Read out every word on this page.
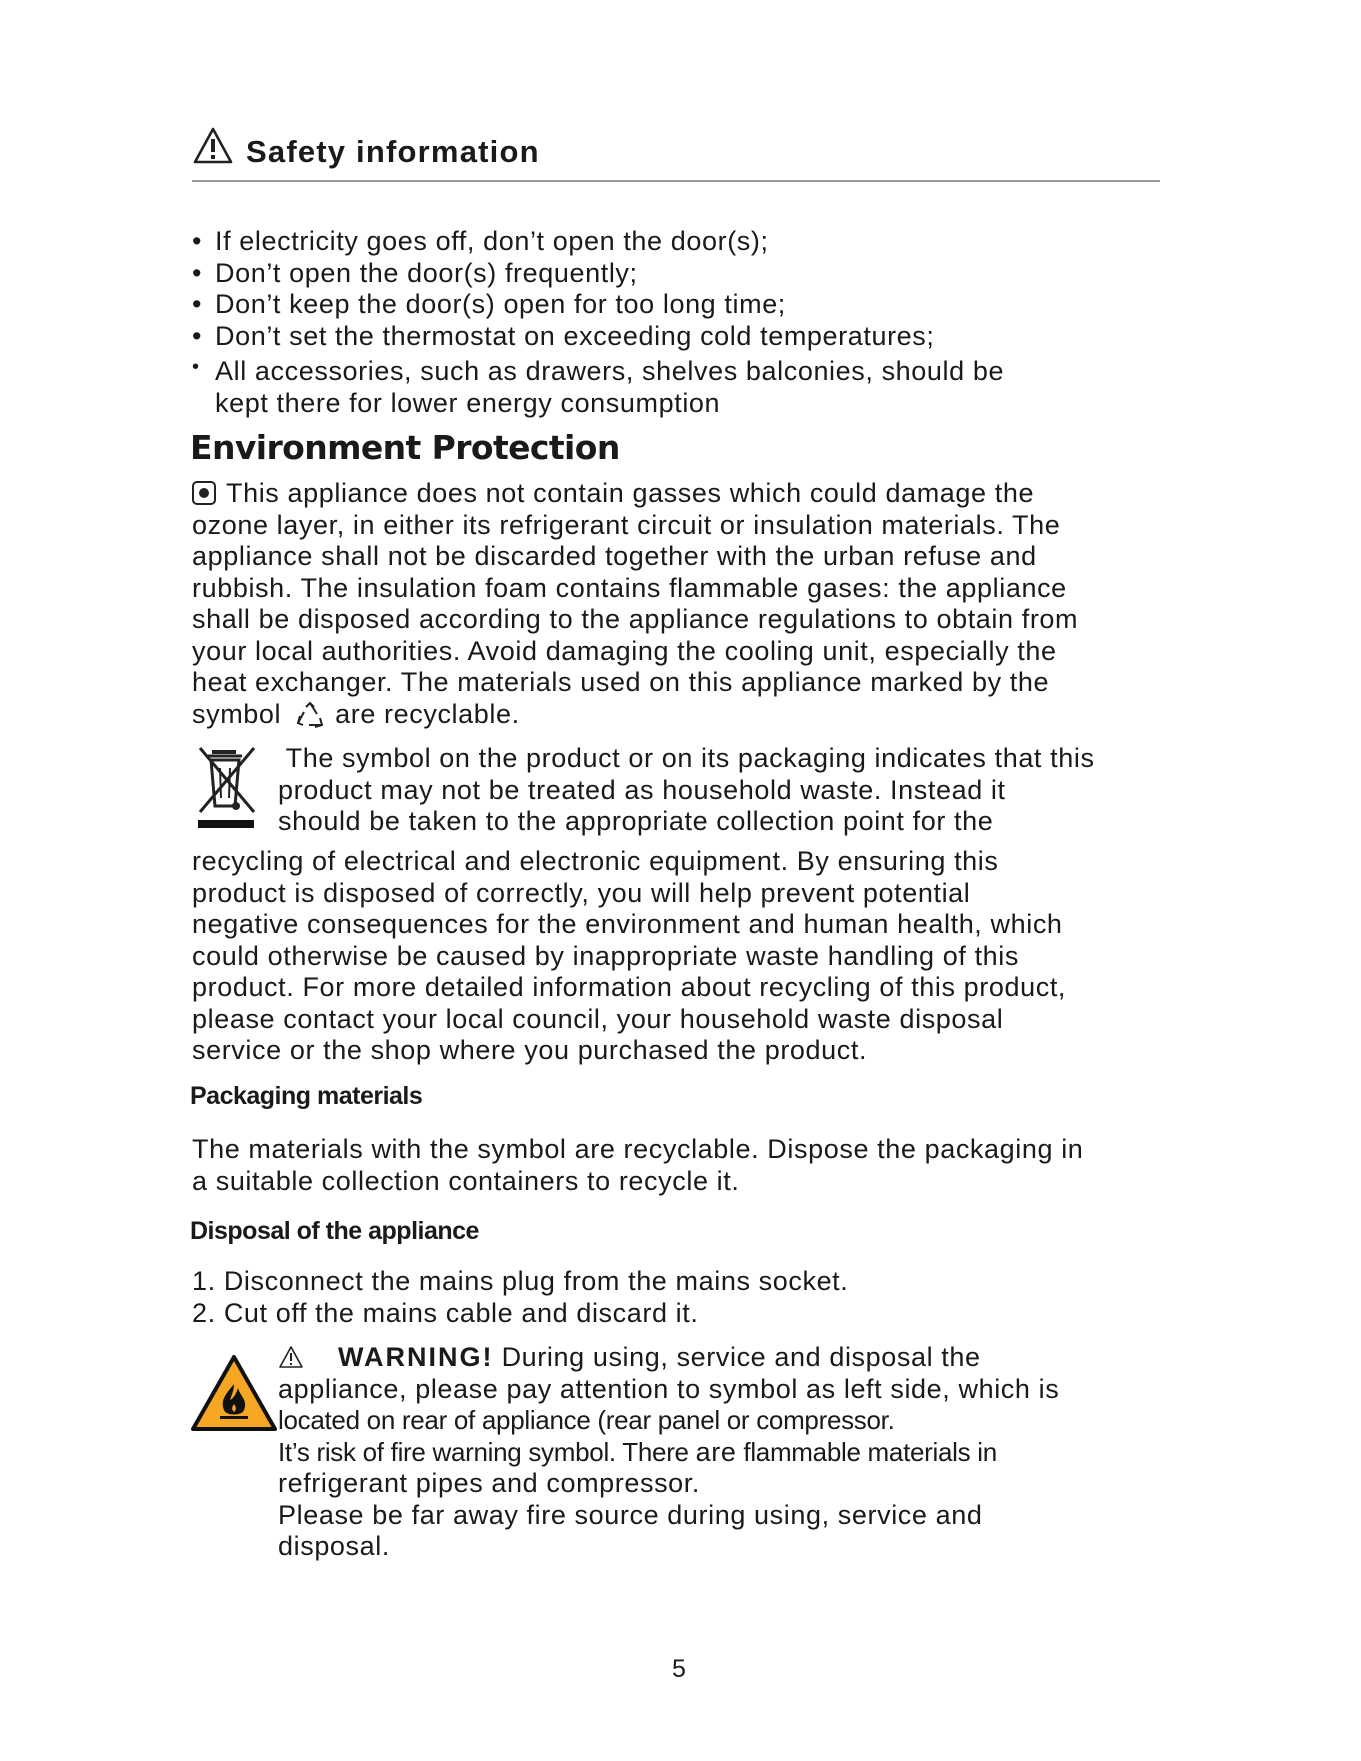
Safety information
• If electricity goes off, don’t open the door(s);
• Don’t open the door(s) frequently;
• Don’t keep the door(s) open for too long time;
• Don’t set the thermostat on exceeding cold temperatures;
• All accessories, such as drawers, shelves balconies, should be
kept there for lower energy consumption
Environment Protection
This appliance does not contain gasses which could damage the
ozone layer, in either its refrigerant circuit or insulation materials. The
appliance shall not be discarded together with the urban refuse and
rubbish. The insulation foam contains flammable gases: the appliance
shall be disposed according to the appliance regulations to obtain from
your local authorities. Avoid damaging the cooling unit, especially the
heat exchanger. The materials used on this appliance marked by the
symbol are recyclable.
The symbol on the product or on its packaging indicates that this
product may not be treated as household waste. Instead it
should be taken to the appropriate collection point for the
recycling of electrical and electronic equipment. By ensuring this
product is disposed of correctly, you will help prevent potential
negative consequences for the environment and human health, which
could otherwise be caused by inappropriate waste handling of this
product. For more detailed information about recycling of this product,
please contact your local council, your household waste disposal
service or the shop where you purchased the product.
Packaging materials
The materials with the symbol are recyclable. Dispose the packaging in
a suitable collection containers to recycle it.
Disposal of the appliance
1. Disconnect the mains plug from the mains socket.
2. Cut off the mains cable and discard it.
WARNING! During using, service and disposal the
appliance, please pay attention to symbol as left side, which is
located on rear of appliance (rear panel or compressor.
It’s risk of fire warning symbol. There are flammable materials in
refrigerant pipes and compressor.
Please be far away fire source during using, service and
disposal.
5
